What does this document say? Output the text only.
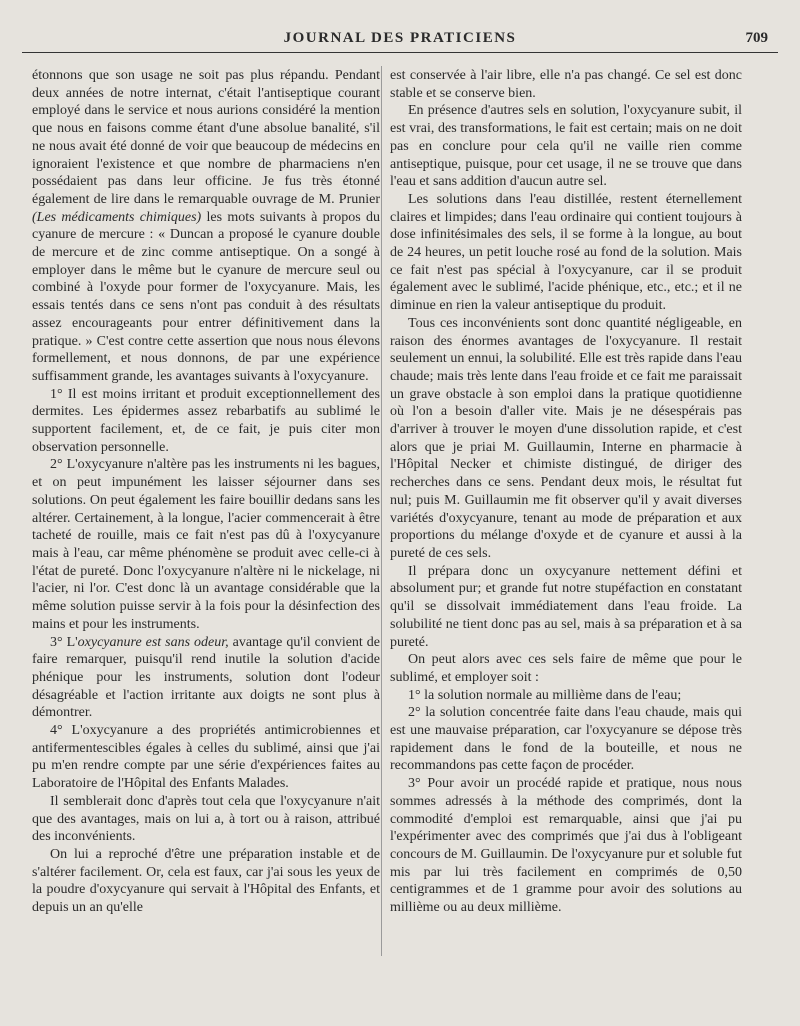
JOURNAL DES PRATICIENS	709

étonnons que son usage ne soit pas plus répandu. Pendant deux années de notre internat, c'était l'antiseptique courant employé dans le service et nous aurions considéré la mention que nous en faisons comme étant d'une absolue banalité, s'il ne nous avait été donné de voir que beaucoup de médecins en ignoraient l'existence et que nombre de pharmaciens n'en possédaient pas dans leur officine. Je fus très étonné également de lire dans le remarquable ouvrage de M. Prunier (Les médicaments chimiques) les mots suivants à propos du cyanure de mercure : « Duncan a proposé le cyanure double de mercure et de zinc comme antiseptique. On a songé à employer dans le même but le cyanure de mercure seul ou combiné à l'oxyde pour former de l'oxycyanure. Mais, les essais tentés dans ce sens n'ont pas conduit à des résultats assez encourageants pour entrer définitivement dans la pratique. » C'est contre cette assertion que nous nous élevons formellement, et nous donnons, de par une expérience suffisamment grande, les avantages suivants à l'oxycyanure.

1° Il est moins irritant et produit exceptionnellement des dermites. Les épidermes assez rebarbatifs au sublimé le supportent facilement, et, de ce fait, je puis citer mon observation personnelle.

2° L'oxycyanure n'altère pas les instruments ni les bagues, et on peut impunément les laisser séjourner dans ses solutions. On peut également les faire bouillir dedans sans les altérer. Certainement, à la longue, l'acier commencerait à être tacheté de rouille, mais ce fait n'est pas dû à l'oxycyanure mais à l'eau, car même phénomène se produit avec celle-ci à l'état de pureté. Donc l'oxycyanure n'altère ni le nickelage, ni l'acier, ni l'or. C'est donc là un avantage considérable que la même solution puisse servir à la fois pour la désinfection des mains et pour les instruments.

3° L'oxycyanure est sans odeur, avantage qu'il convient de faire remarquer, puisqu'il rend inutile la solution d'acide phénique pour les instruments, solution dont l'odeur désagréable et l'action irritante aux doigts ne sont plus à démontrer.

4° L'oxycyanure a des propriétés antimicrobiennes et antifermentescibles égales à celles du sublimé, ainsi que j'ai pu m'en rendre compte par une série d'expériences faites au Laboratoire de l'Hôpital des Enfants Malades.

Il semblerait donc d'après tout cela que l'oxycyanure n'ait que des avantages, mais on lui a, à tort ou à raison, attribué des inconvénients.

On lui a reproché d'être une préparation instable et de s'altérer facilement. Or, cela est faux, car j'ai sous les yeux de la poudre d'oxycyanure qui servait à l'Hôpital des Enfants, et depuis un an qu'elle

est conservée à l'air libre, elle n'a pas changé. Ce sel est donc stable et se conserve bien.

En présence d'autres sels en solution, l'oxycyanure subit, il est vrai, des transformations, le fait est certain; mais on ne doit pas en conclure pour cela qu'il ne vaille rien comme antiseptique, puisque, pour cet usage, il ne se trouve que dans l'eau et sans addition d'aucun autre sel.

Les solutions dans l'eau distillée, restent éternellement claires et limpides; dans l'eau ordinaire qui contient toujours à dose infinitésimales des sels, il se forme à la longue, au bout de 24 heures, un petit louche rosé au fond de la solution. Mais ce fait n'est pas spécial à l'oxycyanure, car il se produit également avec le sublimé, l'acide phénique, etc., etc.; et il ne diminue en rien la valeur antiseptique du produit.

Tous ces inconvénients sont donc quantité négligeable, en raison des énormes avantages de l'oxycyanure. Il restait seulement un ennui, la solubilité. Elle est très rapide dans l'eau chaude; mais très lente dans l'eau froide et ce fait me paraissait un grave obstacle à son emploi dans la pratique quotidienne où l'on a besoin d'aller vite. Mais je ne désespérais pas d'arriver à trouver le moyen d'une dissolution rapide, et c'est alors que je priai M. Guillaumin, Interne en pharmacie à l'Hôpital Necker et chimiste distingué, de diriger des recherches dans ce sens. Pendant deux mois, le résultat fut nul; puis M. Guillaumin me fit observer qu'il y avait diverses variétés d'oxycyanure, tenant au mode de préparation et aux proportions du mélange d'oxyde et de cyanure et aussi à la pureté de ces sels.

Il prépara donc un oxycyanure nettement défini et absolument pur; et grande fut notre stupéfaction en constatant qu'il se dissolvait immédiatement dans l'eau froide. La solubilité ne tient donc pas au sel, mais à sa préparation et à sa pureté.

On peut alors avec ces sels faire de même que pour le sublimé, et employer soit :

1° la solution normale au millième dans de l'eau;

2° la solution concentrée faite dans l'eau chaude, mais qui est une mauvaise préparation, car l'oxycyanure se dépose très rapidement dans le fond de la bouteille, et nous ne recommandons pas cette façon de procéder.

3° Pour avoir un procédé rapide et pratique, nous nous sommes adressés à la méthode des comprimés, dont la commodité d'emploi est remarquable, ainsi que j'ai pu l'expérimenter avec des comprimés que j'ai dus à l'obligeant concours de M. Guillaumin. De l'oxycyanure pur et soluble fut mis par lui très facilement en comprimés de 0,50 centigrammes et de 1 gramme pour avoir des solutions au millième ou au deux millième.
